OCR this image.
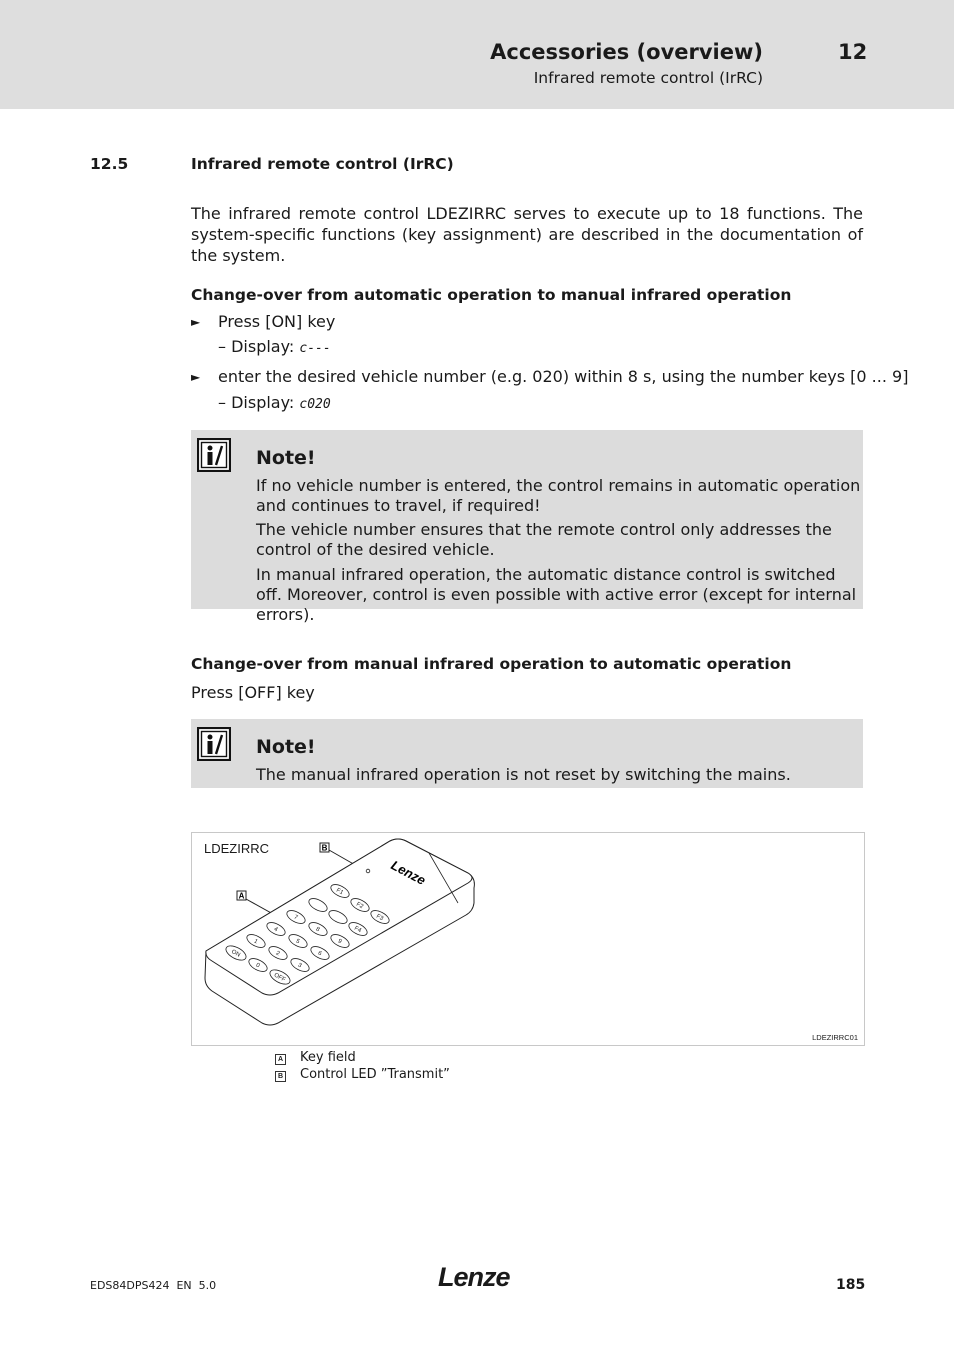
Accessories (overview)	12
Infrared remote control (IrRC)
12.5	Infrared remote control (IrRC)
The infrared remote control LDEZIRRC serves to execute up to 18 functions. The system-specific functions (key assignment) are described in the documentation of the system.
Change-over from automatic operation to manual infrared operation
► Press [ON] key
– Display: c---
► enter the desired vehicle number (e.g. 020) within 8 s, using the number keys [0 ... 9]
– Display: c020
Note!
If no vehicle number is entered, the control remains in automatic operation and continues to travel, if required!
The vehicle number ensures that the remote control only addresses the control of the desired vehicle.
In manual infrared operation, the automatic distance control is switched off. Moreover, control is even possible with active error (except for internal errors).
Change-over from manual infrared operation to automatic operation
Press [OFF] key
Note!
The manual infrared operation is not reset by switching the mains.
LDEZIRRC
A
B
Lenze
F1
F2
F3
F4
7
8
9
4
5
6
1
2
3
ON
0
OFF
LDEZIRRC01
A Key field
B Control LED ”Transmit”
EDS84DPS424  EN  5.0	Lenze	185
